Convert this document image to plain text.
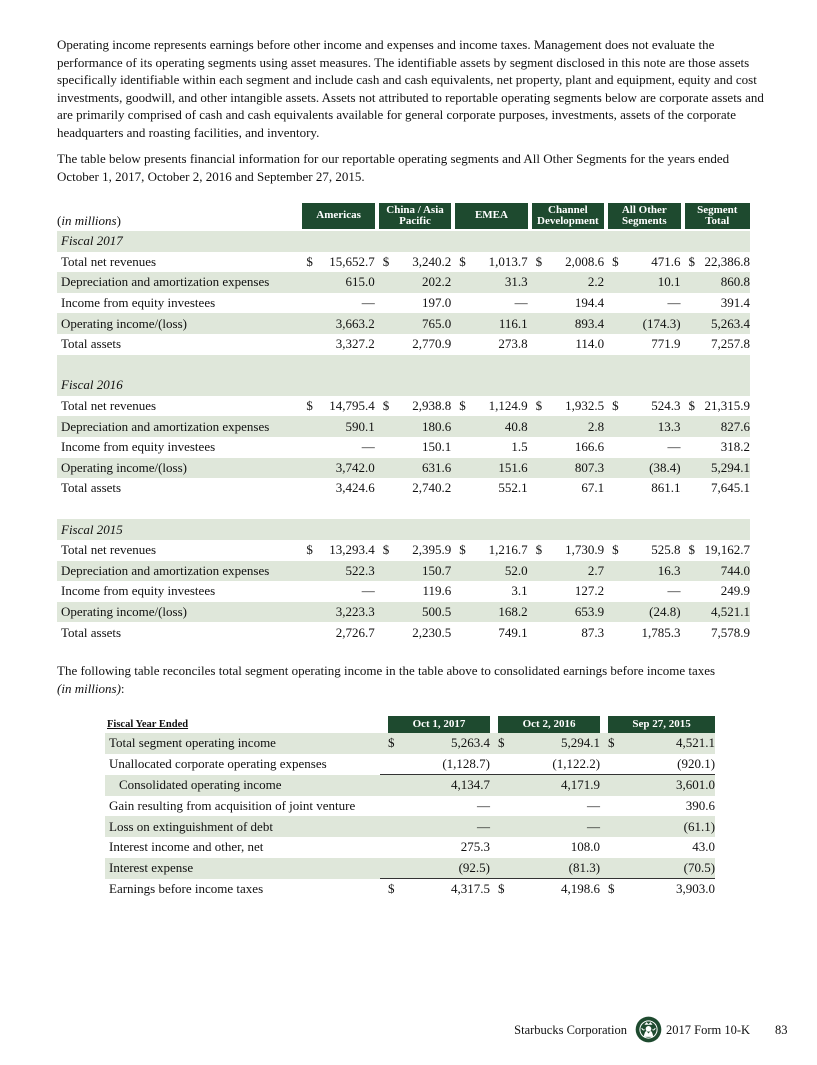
Operating income represents earnings before other income and expenses and income taxes. Management does not evaluate the performance of its operating segments using asset measures. The identifiable assets by segment disclosed in this note are those assets specifically identifiable within each segment and include cash and cash equivalents, net property, plant and equipment, equity and cost investments, goodwill, and other intangible assets. Assets not attributed to reportable operating segments below are corporate assets and are primarily comprised of cash and cash equivalents available for general corporate purposes, investments, assets of the corporate headquarters and roasting facilities, and inventory.

The table below presents financial information for our reportable operating segments and All Other Segments for the years ended October 1, 2017, October 2, 2016 and September 27, 2015.

(in millions)	Americas		China / Asia Pacific		EMEA		Channel Development		All Other Segments		Segment Total	

Fiscal 2017												
Total net revenues	$	15,652.7	$	3,240.2	$	1,013.7	$	2,008.6	$	471.6	$	22,386.8
Depreciation and amortization expenses		615.0		202.2		31.3		2.2		10.1		860.8
Income from equity investees		—		197.0		—		194.4		—		391.4
Operating income/(loss)		3,663.2		765.0		116.1		893.4		(174.3)		5,263.4
Total assets		3,327.2		2,770.9		273.8		114.0		771.9		7,257.8

Fiscal 2016												
Total net revenues	$	14,795.4	$	2,938.8	$	1,124.9	$	1,932.5	$	524.3	$	21,315.9
Depreciation and amortization expenses		590.1		180.6		40.8		2.8		13.3		827.6
Income from equity investees		—		150.1		1.5		166.6		—		318.2
Operating income/(loss)		3,742.0		631.6		151.6		807.3		(38.4)		5,294.1
Total assets		3,424.6		2,740.2		552.1		67.1		861.1		7,645.1

Fiscal 2015												
Total net revenues	$	13,293.4	$	2,395.9	$	1,216.7	$	1,730.9	$	525.8	$	19,162.7
Depreciation and amortization expenses		522.3		150.7		52.0		2.7		16.3		744.0
Income from equity investees		—		119.6		3.1		127.2		—		249.9
Operating income/(loss)		3,223.3		500.5		168.2		653.9		(24.8)		4,521.1
Total assets		2,726.7		2,230.5		749.1		87.3		1,785.3		7,578.9

The following table reconciles total segment operating income in the table above to consolidated earnings before income taxes
(in millions):

Fiscal Year Ended	Oct 1, 2017		Oct 2, 2016		Sep 27, 2015	

Total segment operating income	$	5,263.4	$	5,294.1	$	4,521.1
Unallocated corporate operating expenses		(1,128.7)		(1,122.2)		(920.1)
Consolidated operating income		4,134.7		4,171.9		3,601.0
Gain resulting from acquisition of joint venture		—		—		390.6
Loss on extinguishment of debt		—		—		(61.1)
Interest income and other, net		275.3		108.0		43.0
Interest expense		(92.5)		(81.3)		(70.5)
Earnings before income taxes	$	4,317.5	$	4,198.6	$	3,903.0
Starbucks Corporation	2017 Form 10-K 83
